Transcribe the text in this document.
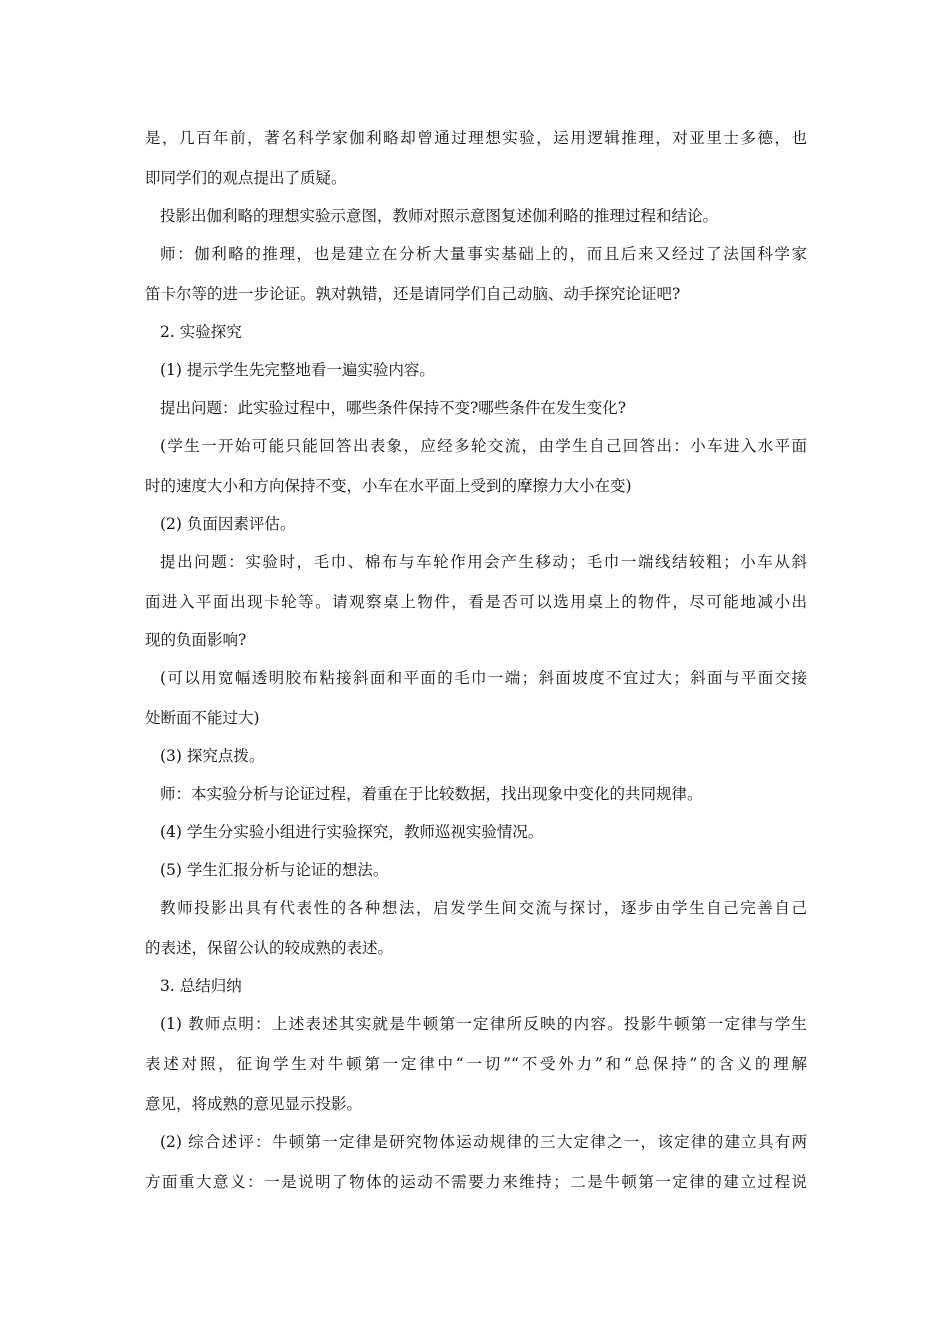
是，几百年前，著名科学家伽利略却曾通过理想实验，运用逻辑推理，对亚里士多德，也
即同学们的观点提出了质疑。
投影出伽利略的理想实验示意图，教师对照示意图复述伽利略的推理过程和结论。
师：伽利略的推理，也是建立在分析大量事实基础上的，而且后来又经过了法国科学家
笛卡尔等的进一步论证。孰对孰错，还是请同学们自己动脑、动手探究论证吧?
2. 实验探究
(1) 提示学生先完整地看一遍实验内容。
提出问题：此实验过程中，哪些条件保持不变?哪些条件在发生变化?
(学生一开始可能只能回答出表象，应经多轮交流，由学生自己回答出：小车进入水平面
时的速度大小和方向保持不变，小车在水平面上受到的摩擦力大小在变)
(2) 负面因素评估。
提出问题：实验时，毛巾、棉布与车轮作用会产生移动；毛巾一端线结较粗；小车从斜
面进入平面出现卡轮等。请观察桌上物件，看是否可以选用桌上的物件，尽可能地减小出
现的负面影响?
(可以用宽幅透明胶布粘接斜面和平面的毛巾一端；斜面坡度不宜过大；斜面与平面交接
处断面不能过大)
(3) 探究点拨。
师：本实验分析与论证过程，着重在于比较数据，找出现象中变化的共同规律。
(4) 学生分实验小组进行实验探究，教师巡视实验情况。
(5) 学生汇报分析与论证的想法。
教师投影出具有代表性的各种想法，启发学生间交流与探讨，逐步由学生自己完善自己
的表述，保留公认的较成熟的表述。
3. 总结归纳
(1) 教师点明：上述表述其实就是牛顿第一定律所反映的内容。投影牛顿第一定律与学生
表述对照，征询学生对牛顿第一定律中“一切”“不受外力”和“总保持”的含义的理解
意见，将成熟的意见显示投影。
(2) 综合述评：牛顿第一定律是研究物体运动规律的三大定律之一，该定律的建立具有两
方面重大意义：一是说明了物体的运动不需要力来维持；二是牛顿第一定律的建立过程说
